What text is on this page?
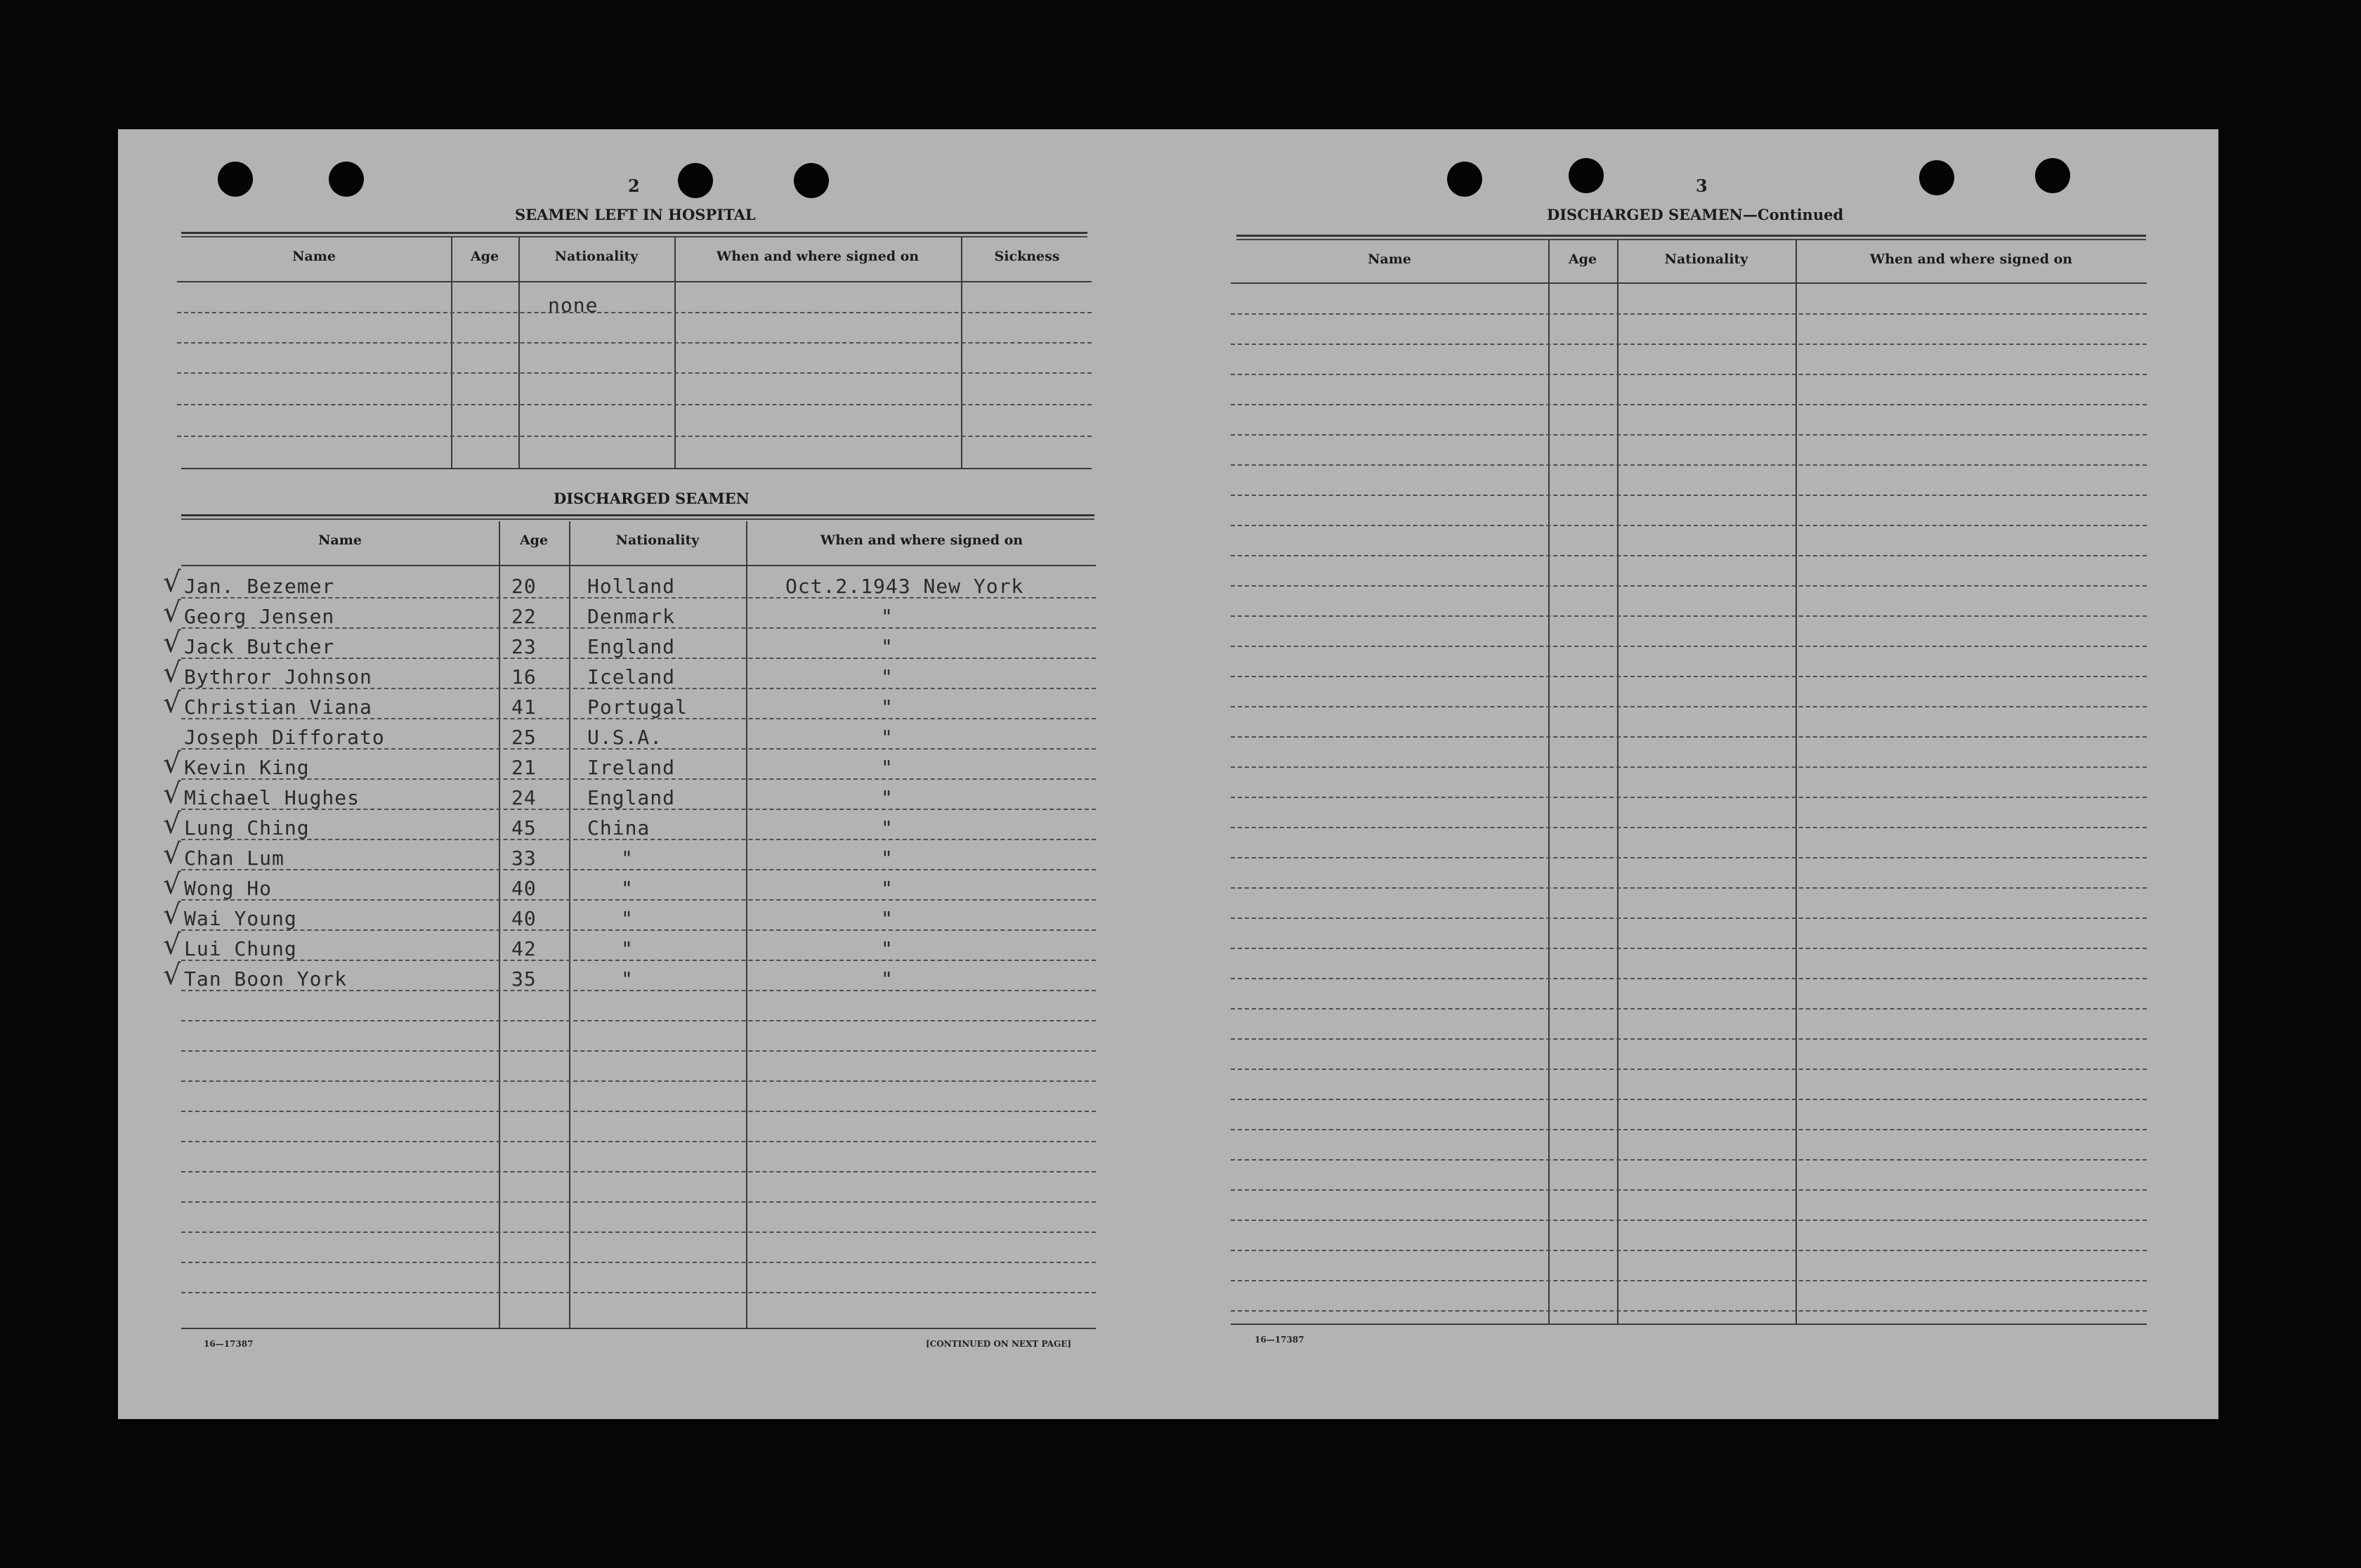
2
SEAMEN LEFT IN HOSPITAL
Name	Age	Nationality	When and where signed on	Sickness
none
DISCHARGED SEAMEN
Name	Age	Nationality	When and where signed on
√ Jan. Bezemer	20	Holland	Oct.2.1943 New York
√ Georg Jensen	22	Denmark	"
√ Jack Butcher	23	England	"
√ Bythror Johnson	16	Iceland	"
√ Christian Viana	41	Portugal	"
Joseph Difforato	25	U.S.A.	"
√ Kevin King	21	Ireland	"
√ Michael Hughes	24	England	"
√ Lung Ching	45	China	"
√ Chan Lum	33	"	"
√ Wong Ho	40	"	"
√ Wai Young	40	"	"
√ Lui Chung	42	"	"
√ Tan Boon York	35	"	"
16—17387	[CONTINUED ON NEXT PAGE]
3
DISCHARGED SEAMEN—Continued
Name	Age	Nationality	When and where signed on
16—17387
